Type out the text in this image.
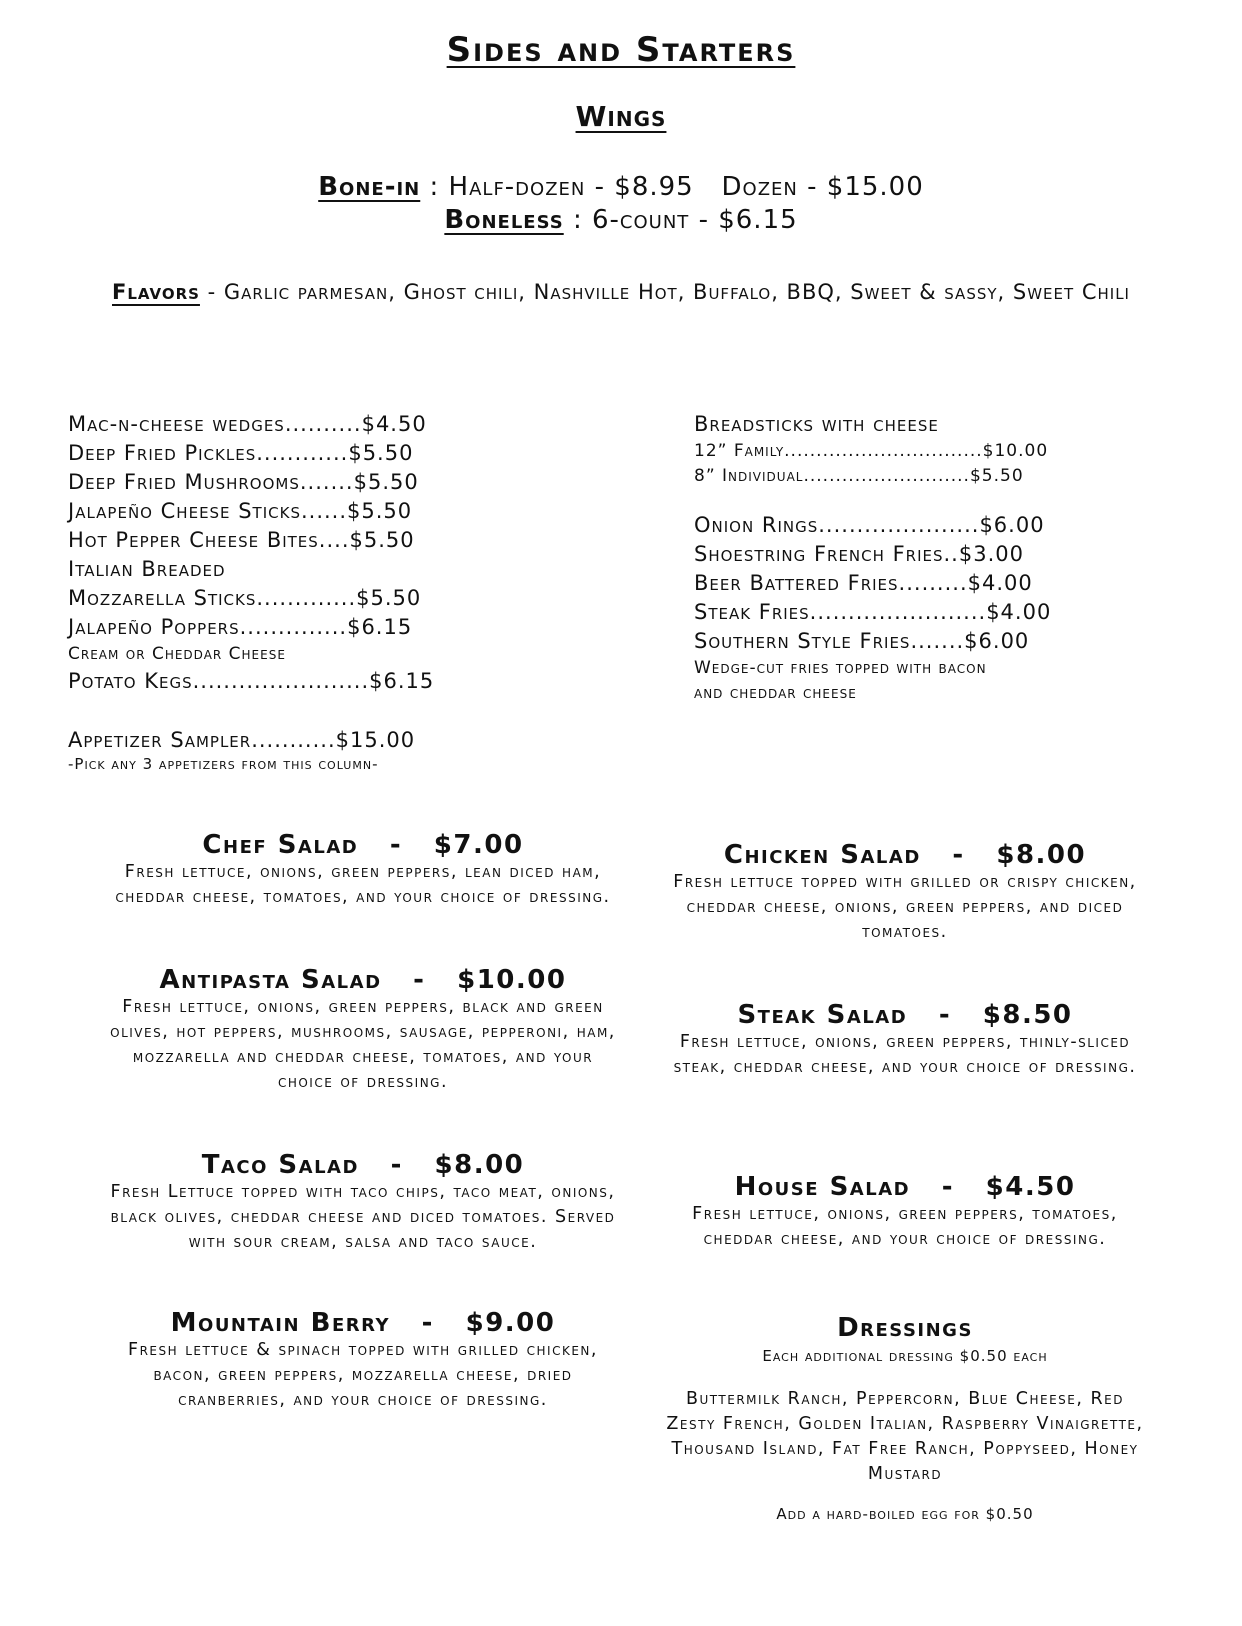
Sides and Starters
Wings
Bone-in : Half-dozen - $8.95   Dozen - $15.00
Boneless : 6-count - $6.15
Flavors - Garlic parmesan, Ghost chili, Nashville Hot, Buffalo, BBQ, Sweet & sassy, Sweet Chili
Mac-n-cheese wedges..........$4.50
Deep Fried Pickles............$5.50
Deep Fried Mushrooms.......$5.50
Jalapeño Cheese Sticks......$5.50
Hot Pepper Cheese Bites....$5.50
Italian Breaded
Mozzarella Sticks.............$5.50
Jalapeño Poppers..............$6.15
Cream or Cheddar Cheese
Potato Kegs.......................$6.15
Appetizer Sampler...........$15.00
-Pick any 3 appetizers from this column-
Breadsticks with cheese
12” Family...............................$10.00
8” Individual..........................$5.50
Onion Rings.....................$6.00
Shoestring French Fries..$3.00
Beer Battered Fries.........$4.00
Steak Fries.......................$4.00
Southern Style Fries.......$6.00
Wedge-cut fries topped with bacon
and cheddar cheese
Chef Salad   -   $7.00
Fresh lettuce, onions, green peppers, lean diced ham, cheddar cheese, tomatoes, and your choice of dressing.
Antipasta Salad   -   $10.00
Fresh lettuce, onions, green peppers, black and green olives, hot peppers, mushrooms, sausage, pepperoni, ham, mozzarella and cheddar cheese, tomatoes, and your choice of dressing.
Taco Salad   -   $8.00
Fresh Lettuce topped with taco chips, taco meat, onions, black olives, cheddar cheese and diced tomatoes. Served with sour cream, salsa and taco sauce.
Mountain Berry   -   $9.00
Fresh lettuce & spinach topped with grilled chicken, bacon, green peppers, mozzarella cheese, dried cranberries, and your choice of dressing.
Chicken Salad   -   $8.00
Fresh lettuce topped with grilled or crispy chicken, cheddar cheese, onions, green peppers, and diced tomatoes.
Steak Salad   -   $8.50
Fresh lettuce, onions, green peppers, thinly-sliced steak, cheddar cheese, and your choice of dressing.
House Salad   -   $4.50
Fresh lettuce, onions, green peppers, tomatoes, cheddar cheese, and your choice of dressing.
Dressings
Each additional dressing $0.50 each
Buttermilk Ranch, Peppercorn, Blue Cheese, Red Zesty French, Golden Italian, Raspberry Vinaigrette, Thousand Island, Fat Free Ranch, Poppyseed, Honey Mustard
Add a hard-boiled egg for $0.50
